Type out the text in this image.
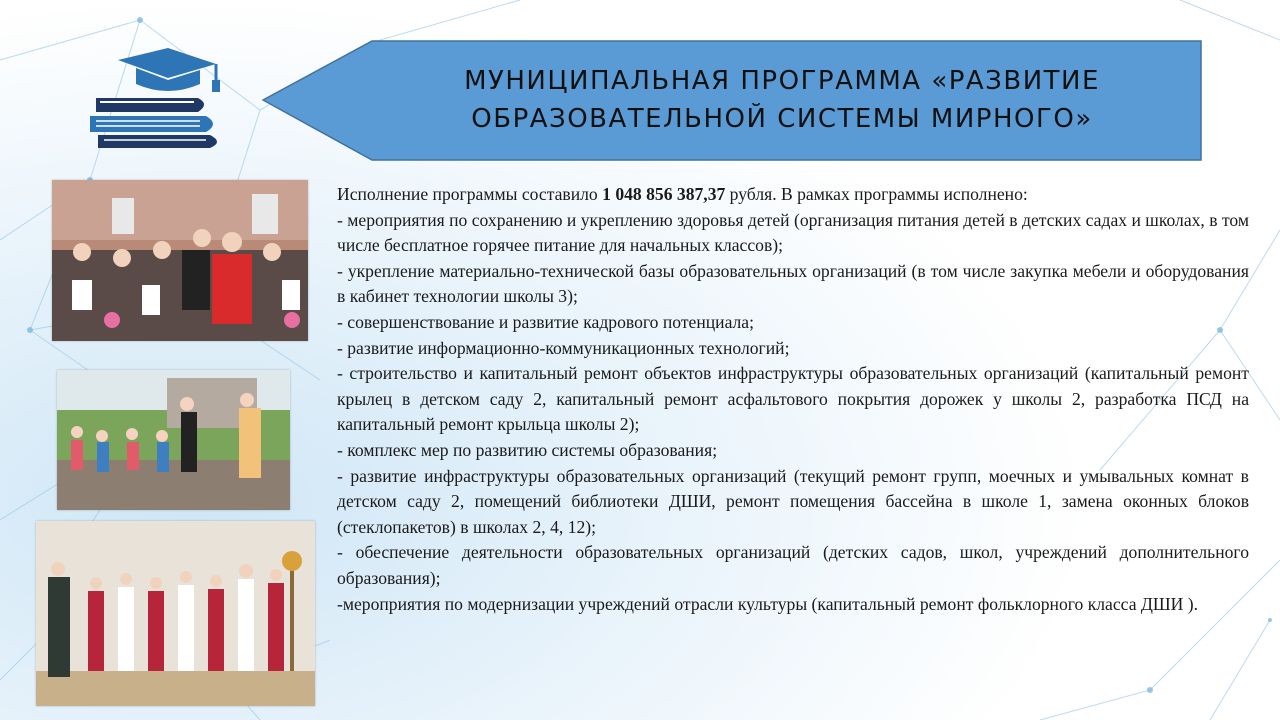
МУНИЦИПАЛЬНАЯ ПРОГРАММА «РАЗВИТИЕ
ОБРАЗОВАТЕЛЬНОЙ СИСТЕМЫ МИРНОГО»

Исполнение программы составило 1 048 856 387,37 рубля. В рамках программы исполнено:

- мероприятия по сохранению и укреплению здоровья детей (организация питания детей в детских садах и школах, в том числе бесплатное горячее питание для начальных классов);

- укрепление материально-технической базы образовательных организаций (в том числе закупка мебели и оборудования в кабинет технологии школы 3);

- совершенствование и развитие кадрового потенциала;

- развитие информационно-коммуникационных технологий;

- строительство и капитальный ремонт объектов инфраструктуры образовательных организаций (капитальный ремонт крылец в детском саду 2, капитальный ремонт асфальтового покрытия дорожек у школы 2, разработка ПСД на капитальный ремонт крыльца школы 2);

- комплекс мер по развитию системы образования;

- развитие инфраструктуры образовательных организаций (текущий ремонт групп, моечных и умывальных комнат в детском саду 2, помещений библиотеки ДШИ, ремонт помещения бассейна в школе 1, замена оконных блоков (стеклопакетов) в школах 2, 4, 12);

- обеспечение деятельности образовательных организаций (детских садов, школ, учреждений дополнительного образования);

-мероприятия по модернизации учреждений отрасли культуры (капитальный ремонт фольклорного класса ДШИ ).
